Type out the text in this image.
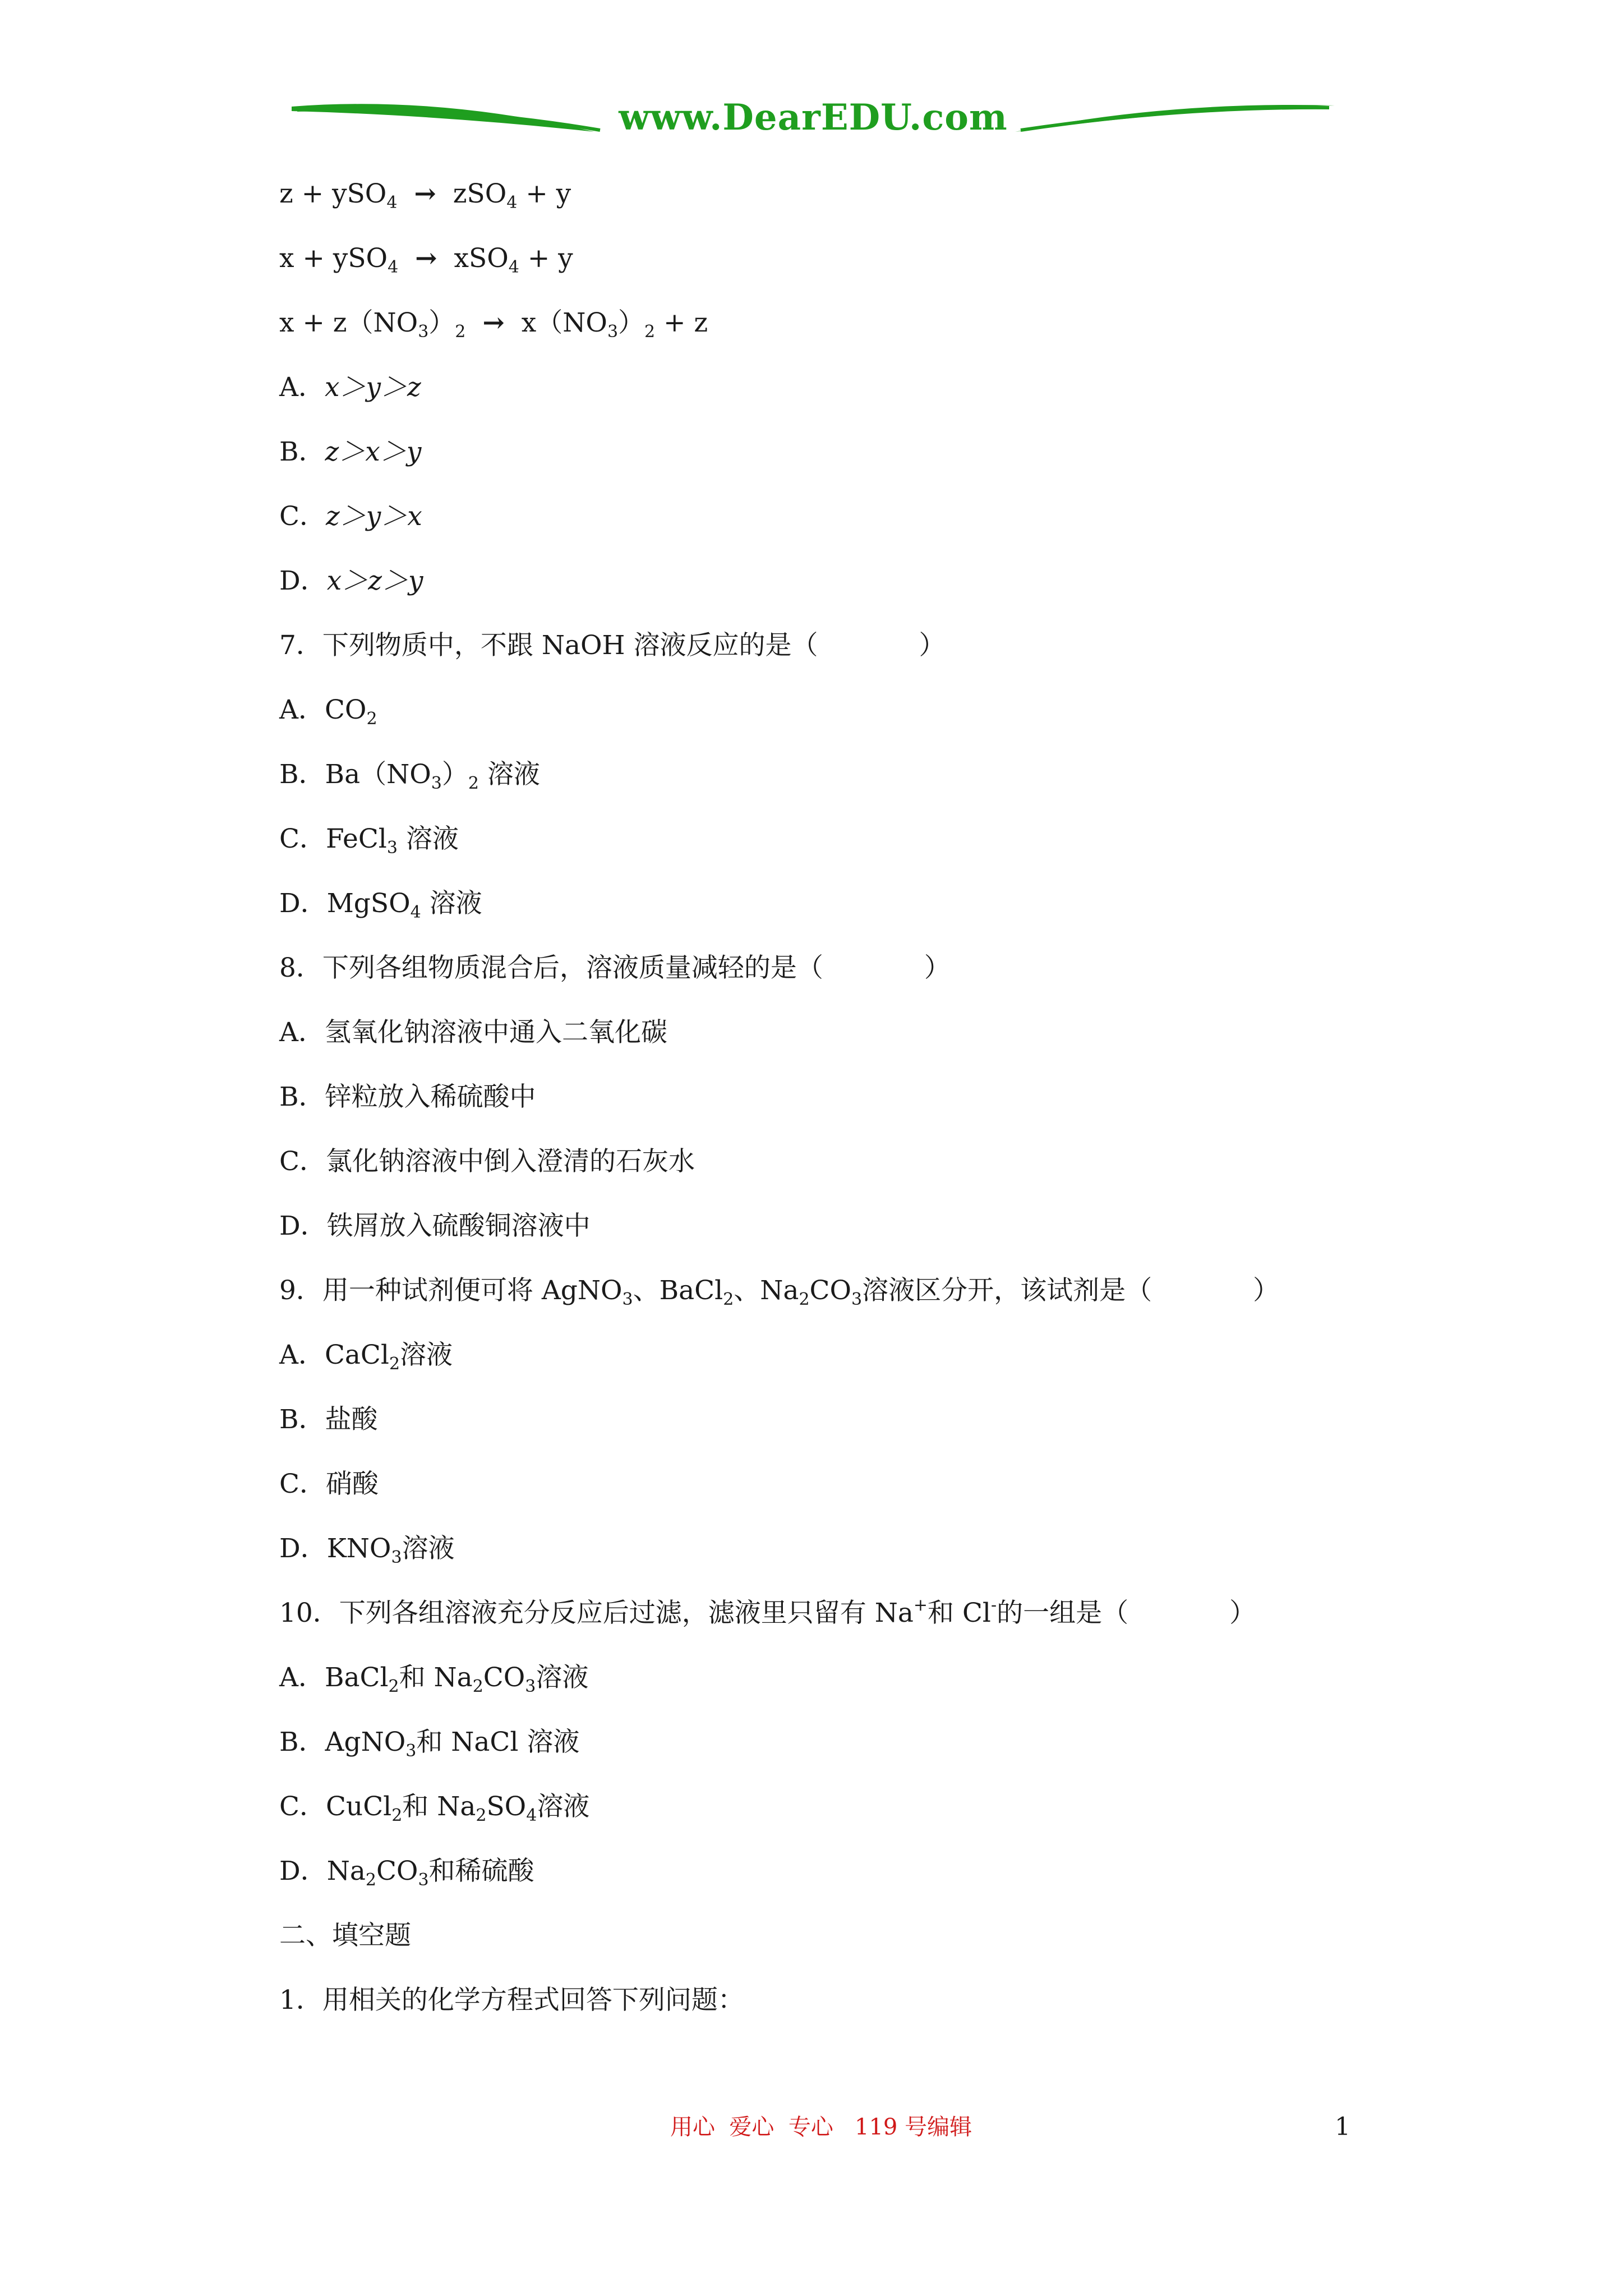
www.DearEDU.com
z + ySO$_4$ → zSO$_4$ + y
x + ySO$_4$ → xSO$_4$ + y
$x + z(NO_3)_2 \to x(NO_3)_2 + z$
A．x＞y＞z
B．z＞x＞y
C．z＞y＞x
D．x＞z＞y
7．下列物质中，不跟 NaOH 溶液反应的是（	）
A．$CO_2$
B．$Ba(NO_3)_2$ 溶液
C．FeCl$_3$ 溶液
D．MgSO$_4$ 溶液
8．下列各组物质混合后，溶液质量减轻的是（	）
A．氢氧化钠溶液中通入二氧化碳
B．锌粒放入稀硫酸中
C．氯化钠溶液中倒入澄清的石灰水
D．铁屑放入硫酸铜溶液中
9．用一种试剂便可将 AgNO$_3$、BaCl$_2$、$Na_2CO_3$溶液区分开，该试剂是（	）
A．CaCl$_2$溶液
B．盐酸
C．硝酸
D．$KNO_3$溶液
10．下列各组溶液充分反应后过滤，滤液里只留有 Na+和 Cl-的一组是（	）
A．BaCl$_2$和 $Na_2CO_3$溶液
B．AgNO$_3$和 NaCl 溶液
C．CuCl$_2$和 $Na_2SO_4$溶液
D．$Na_2CO_3$和稀硫酸
二、填空题
1．用相关的化学方程式回答下列问题：
用心  爱心  专心   119 号编辑	1
